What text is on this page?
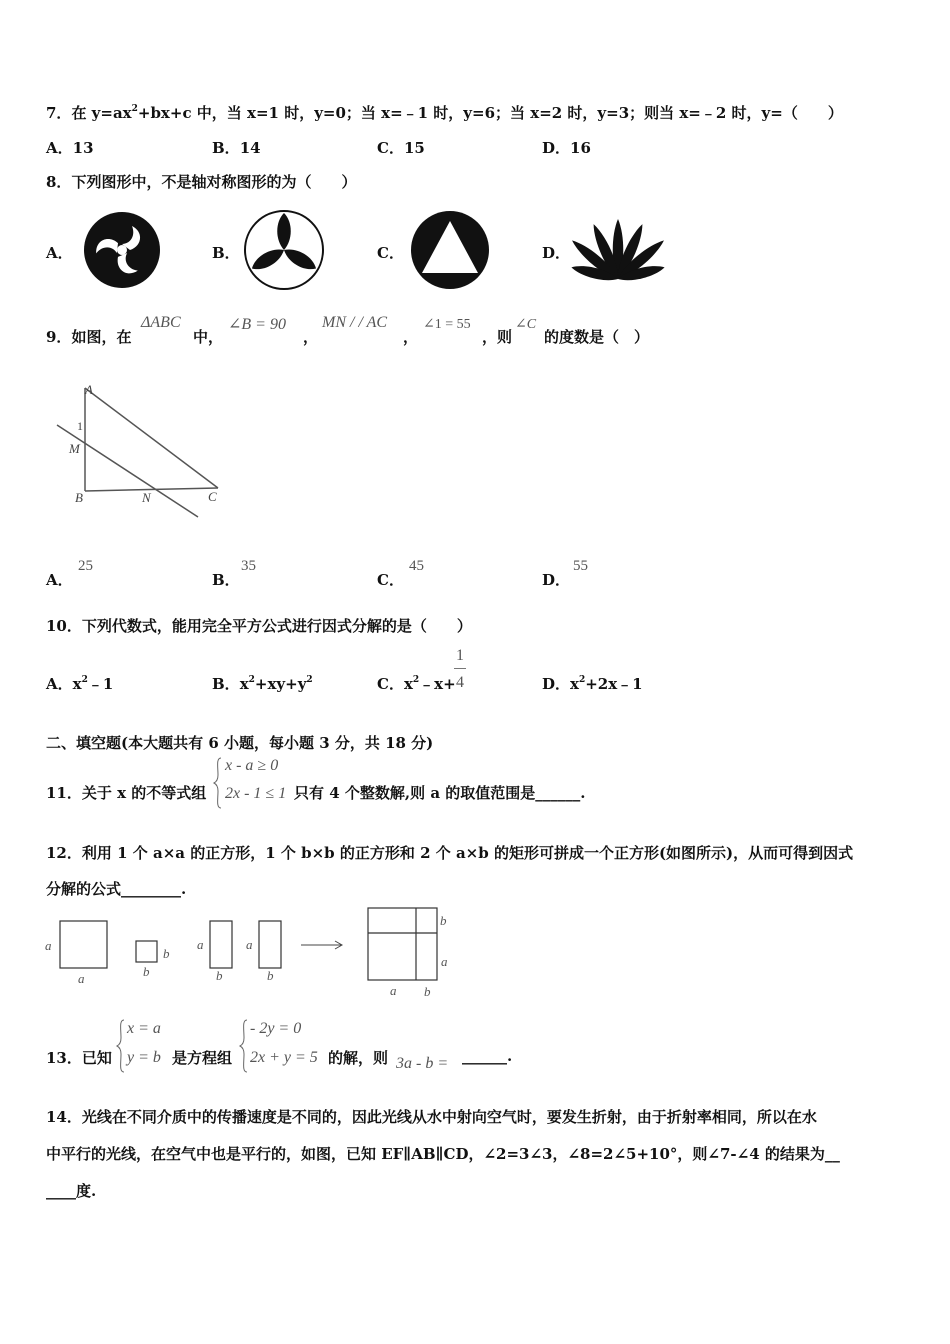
7．在 $y=ax^2+bx+c$ 中，当 x=1 时，y=0；当 x=﹣1 时，y=6；当 x=2 时，y=3；则当 x=﹣2 时，y=（　　）
A．13	B．14	C．15	D．16
8．下列图形中，不是轴对称图形的为（　　）
A．	B．	C．	D．
9．如图，在
ΔABC
中，
∠B = 90
，
MN / / AC
，
∠1 = 55
，则
∠C
的度数是（　）
A
1
M
B	N	C
A．
25
B．
35
C．
45
D．
55
10．下列代数式，能用完全平方公式进行因式分解的是（　　）
A．$x^2﹣1$	B．$x^2+xy+y^2$	C．$x^2﹣x+$
1
4	D．$x^2+2x﹣1$
二、填空题(本大题共有 6 小题，每小题 3 分，共 18 分)
11．关于 x 的不等式组
x - a ≥ 0
2x - 1 ≤ 1 只有 4 个整数解,则 a 的取值范围是______.
12．利用 1 个 a×a 的正方形，1 个 b×b 的正方形和 2 个 a×b 的矩形可拼成一个正方形(如图所示)，从而可得到因式
分解的公式________.
a
a
b
b
a
b
a
b
b
a
a b
13．已知
x = a
y = b 是方程组
- 2y = 0
2x + y = 5 的解，则 3a - b = ______.
14．光线在不同介质中的传播速度是不同的，因此光线从水中射向空气时，要发生折射，由于折射率相同，所以在水
中平行的光线，在空气中也是平行的，如图，已知 EF∥AB∥CD，∠2=3∠3，∠8=2∠5+10°，则∠7-∠4 的结果为__
____度.
